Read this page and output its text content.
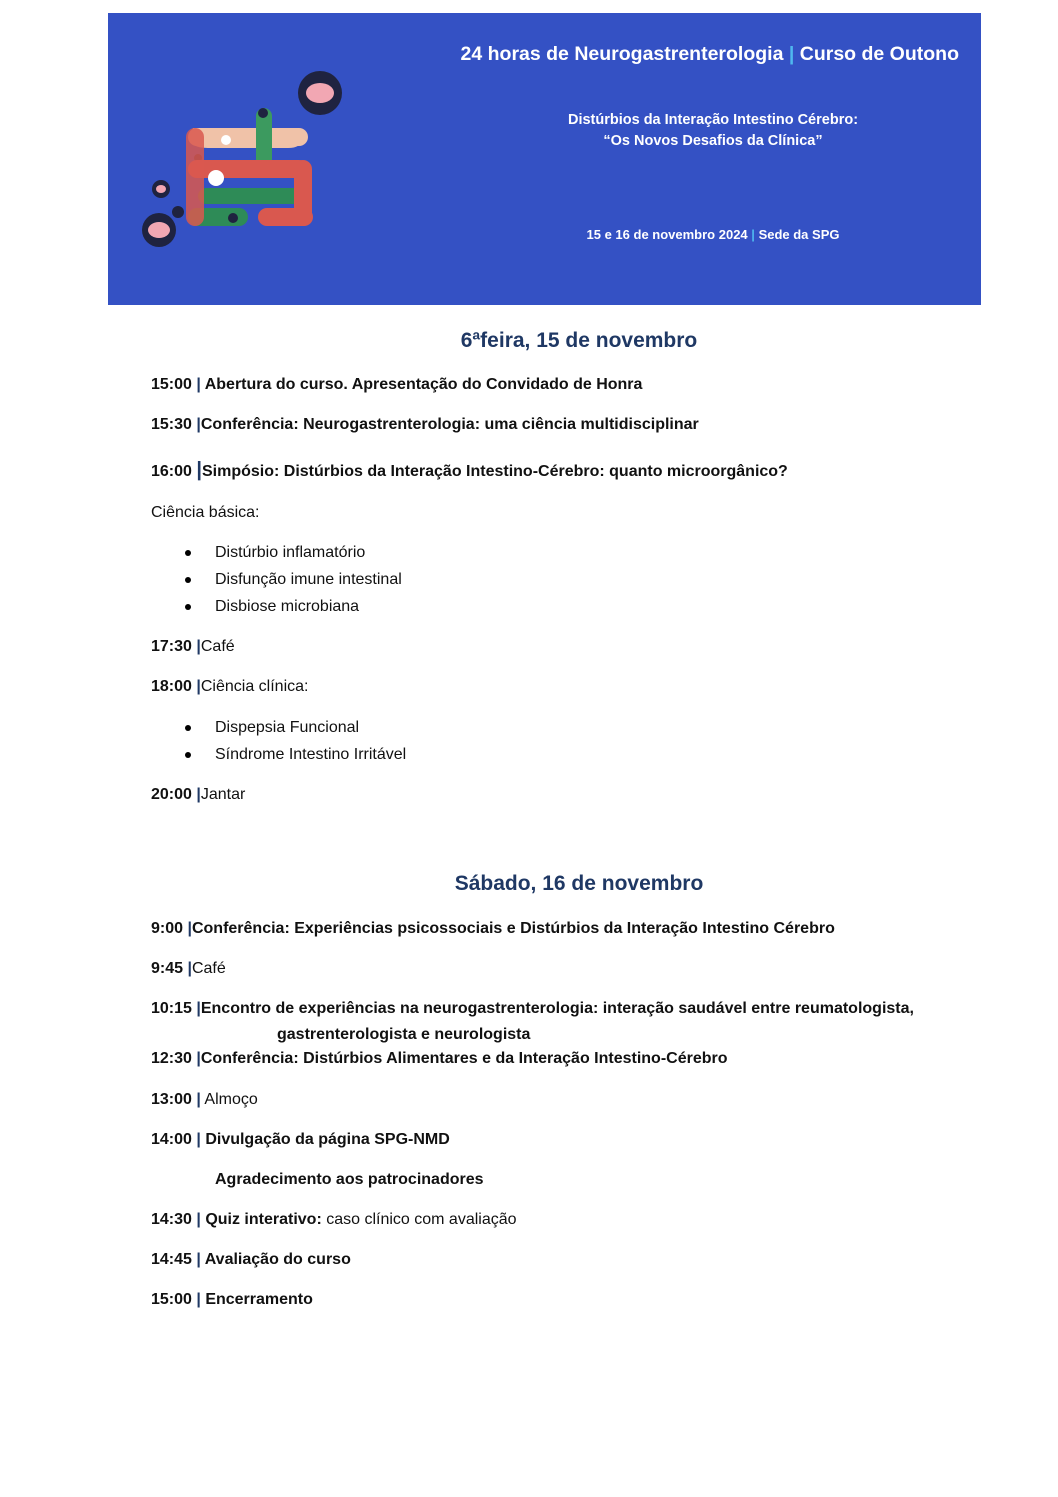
24 horas de Neurogastrenterologia | Curso de Outono
Distúrbios da Interação Intestino Cérebro:
“Os Novos Desafios da Clínica”
15 e 16 de novembro 2024 | Sede da SPG
6ªfeira, 15 de novembro
15:00 | Abertura do curso. Apresentação do Convidado de Honra
15:30 |Conferência: Neurogastrenterologia: uma ciência multidisciplinar
16:00 |Simpósio: Distúrbios da Interação Intestino-Cérebro: quanto microorgânico?
Ciência básica:
Distúrbio inflamatório
Disfunção imune intestinal
Disbiose microbiana
17:30 |Café
18:00 |Ciência clínica:
Dispepsia Funcional
Síndrome Intestino Irritável
20:00 |Jantar
Sábado, 16 de novembro
9:00 |Conferência: Experiências psicossociais e Distúrbios da Interação Intestino Cérebro
9:45 |Café
10:15 |Encontro de experiências na neurogastrenterologia: interação saudável entre reumatologista,
gastrenterologista e neurologista
12:30 |Conferência: Distúrbios Alimentares e da Interação Intestino-Cérebro
13:00 | Almoço
14:00 | Divulgação da página SPG-NMD
Agradecimento aos patrocinadores
14:30 | Quiz interativo: caso clínico com avaliação
14:45 | Avaliação do curso
15:00 | Encerramento
